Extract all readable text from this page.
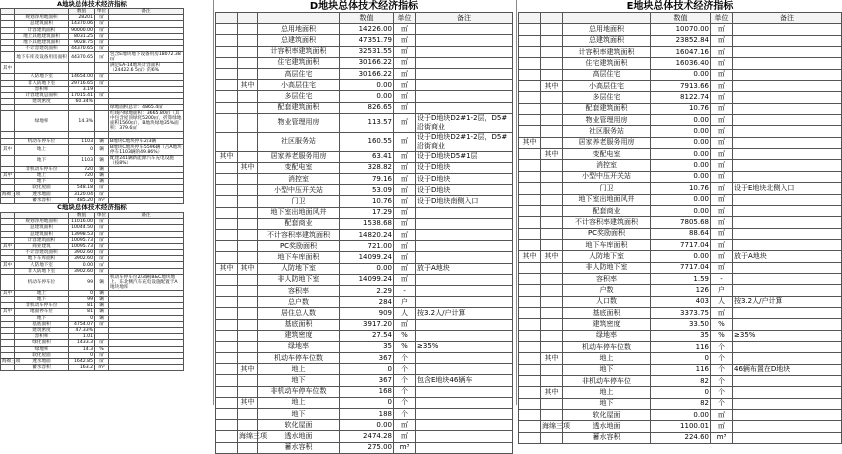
A地块总体技术经济指标				
		数值	单位	备注
	规划净用地面积	28201	㎡	
	总建筑面积	14370.06	㎡	
	计容建筑面积	90000.00	㎡	
	地上其他建筑面积	8031.25	㎡	
	地下其他建筑面积	9028.75	㎡	
	不计容建筑面积	44370.65	㎡	
	地下车库及设备用房面积	44370.65	㎡	包含E地块地下设备用房18072.38㎡
其中				满足EA-14地块计容面积（24422.6 5㎡）的6%
	人防地下室	14654.00	㎡	
	非人防地下室	29716.65	㎡	
	容积率	3.19		
	计容建筑总面积	17015.41	㎡	
	建筑密度	60.34%		
				绿地面积总计：4865.4㎡
	绿地率	14.3%		红线内绿地面积：3665.80㎡（其中包含屋顶绿化5200㎡，折算绿地面积1560㎡），B地块绿地35%面积：379.6㎡

	机动车停车位	1103	辆	B地块C地块停车2/3辆
其中	地上	0	辆	B地块C地块停车5596辆（占A地块停车1103辆的49.86%）
	地下	1103	辆	配建241辆新能源汽车充电设施（按8%）
	非机动车停车位	720	辆	
其中	地上	720	辆	
	地下	0	辆	
	软化屋面	548.18	㎡	
海绵三项	透水地面	3120.04	㎡	
	蓄水容积	485.20	m³	
C地块总体技术经济指标				
		数值	单位	备注
	规划净用地面积	11016.00	㎡	
	总建筑面积	10044.50	㎡	
	总建筑面积	13998.53	㎡	
	计容建筑面积	10095.73	㎡	
其中	商业建筑	10095.73	㎡	
	不计容建筑面积	3902.60	㎡	
	地下车库面积	3902.60	㎡	
其中	人防地下室	0.00	㎡	
	非人防地下室	3902.60	㎡	
	机动车停车位	99	辆	机动车停车位2/3辆(B&C地块地上、东北侧汽车充电设施配置于A地块地库
其中	地上	0	辆	
	地下	99	辆	
	非机动车停车位	81	辆	
其中	地面停车位	81	辆	
	地下	0	辆	
	基底面积	4754.07	㎡	
	建筑密度	47.33%		
	容积率	1.01		
	绿化面积	1433.3	㎡	
	绿地率	14.3	%	
	软化屋面	0	㎡	
海绵三项	透水地面	1642.85	㎡	
	蓄水容积	163.2	m³	
D地块总体技术经济指标					
			数值	单位	备注
		总用地面积	14226.00	㎡	
		总建筑面积	47351.79	㎡	
		计容积率建筑面积	32531.55	㎡	
		住宅建筑面积	30166.22	㎡	
		高层住宅	30166.22	㎡	
	其中	小高层住宅	0.00	㎡	
		多层住宅	0.00	㎡	
		配套建筑面积	826.65	㎡	
		物业管理用房	113.57	㎡	设于D地块D2#1-2层，D5#沿街商业
		社区服务站	160.55	㎡	设于D地块D2#1-2层，D5#沿街商业
其中		居家养老服务用房	63.41	㎡	设于D地块D5#1层
	其中	变配电室	328.82	㎡	设于D地块
		消控室	79.16	㎡	设于D地块
		小型中压开关站	53.09	㎡	设于D地块
		门卫	10.76	㎡	设于D地块南侧入口
		地下室出地面风井	17.29	㎡	
		配套商业	1538.68	㎡	
		不计容积率建筑面积	14820.24	㎡	
		PC奖励面积	721.00	㎡	
		地下车库面积	14099.24	㎡	
其中	其中	人防地下室	0.00	㎡	放于A地块
		非人防地下室	14099.24	㎡	
		容积率	2.29	-	
		总户数	284	户	
		居住总人数	909	人	按3.2人/户计算
		基底面积	3917.20	㎡	
		建筑密度	27.54	%	
		绿地率	35	%	≥35%
		机动车停车位数	367	个	
	其中	地上	0	个	
		地下	367	个	包含E地块46辆车
		非机动车停车位数	168	个	
	其中	地上	0	个	
		地下	188	个	
		软化屋面	0.00	㎡	
	海绵三项	透水地面	2474.28	㎡	
		蓄水容积	275.00	m³	
E地块总体技术经济指标					
			数值	单位	备注
		总用地面积	10070.00	㎡	
		总建筑面积	23852.84	㎡	
		计容积率建筑面积	16047.16	㎡	
		住宅建筑面积	16036.40	㎡	
		高层住宅	0.00	㎡	
	其中	小高层住宅	7913.66	㎡	
		多层住宅	8122.74	㎡	
		配套建筑面积	10.76	㎡	
		物业管理用房	0.00	㎡	
		社区服务站	0.00	㎡	
其中		居家养老服务用房	0.00	㎡	
	其中	变配电室	0.00	㎡	
		消控室	0.00	㎡	
		小型中压开关站	0.00	㎡	
		门卫	10.76	㎡	设于E地块北侧入口
		地下室出地面风井	0.00	㎡	
		配套商业	0.00	㎡	
		不计容积率建筑面积	7805.68	㎡	
		PC奖励面积	88.64	㎡	
		地下车库面积	7717.04	㎡	
其中	其中	人防地下室	0.00	㎡	放于A地块
		非人防地下室	7717.04	㎡	
		容积率	1.59	-	
		户数	126	户	
		人口数	403	人	按3.2人/户计算
		基底面积	3373.75	㎡	
		建筑密度	33.50	%	
		绿地率	35	%	≥35%
		机动车停车位数	116	个	
	其中	地上	0	个	
		地下	116	个	46辆布置在D地块
		非机动车停车位	82	个	
	其中	地上	0	个	
		地下	82	个	
		软化屋面	0.00	㎡	
	海绵三项	透水地面	1100.01	㎡	
		蓄水容积	224.60	m³	
